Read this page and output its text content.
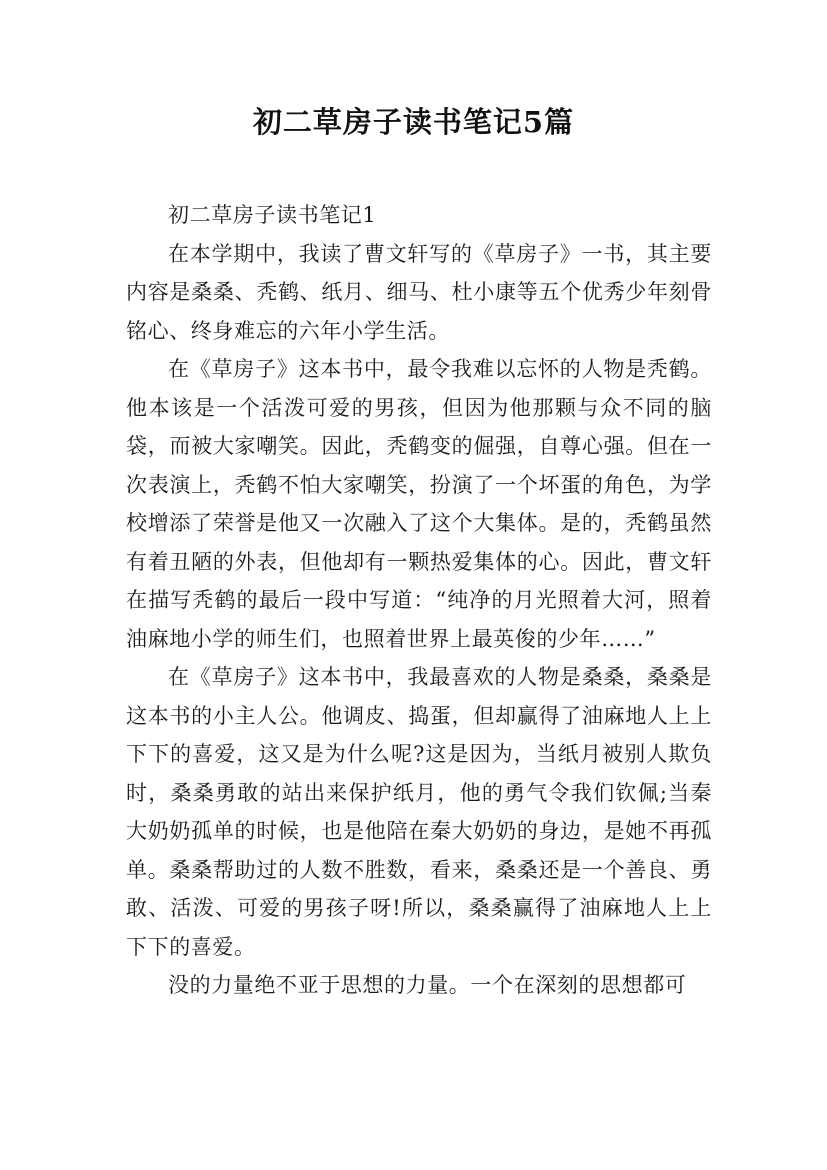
初二草房子读书笔记5篇

初二草房子读书笔记1

在本学期中，我读了曹文轩写的《草房子》一书，其主要内容是桑桑、秃鹤、纸月、细马、杜小康等五个优秀少年刻骨铭心、终身难忘的六年小学生活。

在《草房子》这本书中，最令我难以忘怀的人物是秃鹤。他本该是一个活泼可爱的男孩，但因为他那颗与众不同的脑袋，而被大家嘲笑。因此，秃鹤变的倔强，自尊心强。但在一次表演上，秃鹤不怕大家嘲笑，扮演了一个坏蛋的角色，为学校增添了荣誉是他又一次融入了这个大集体。是的，秃鹤虽然有着丑陋的外表，但他却有一颗热爱集体的心。因此，曹文轩在描写秃鹤的最后一段中写道：“纯净的月光照着大河，照着油麻地小学的师生们，也照着世界上最英俊的少年……”

在《草房子》这本书中，我最喜欢的人物是桑桑，桑桑是这本书的小主人公。他调皮、捣蛋，但却赢得了油麻地人上上下下的喜爱，这又是为什么呢?这是因为，当纸月被别人欺负时，桑桑勇敢的站出来保护纸月，他的勇气令我们钦佩;当秦大奶奶孤单的时候，也是他陪在秦大奶奶的身边，是她不再孤单。桑桑帮助过的人数不胜数，看来，桑桑还是一个善良、勇敢、活泼、可爱的男孩子呀!所以，桑桑赢得了油麻地人上上下下的喜爱。

没的力量绝不亚于思想的力量。一个在深刻的思想都可
